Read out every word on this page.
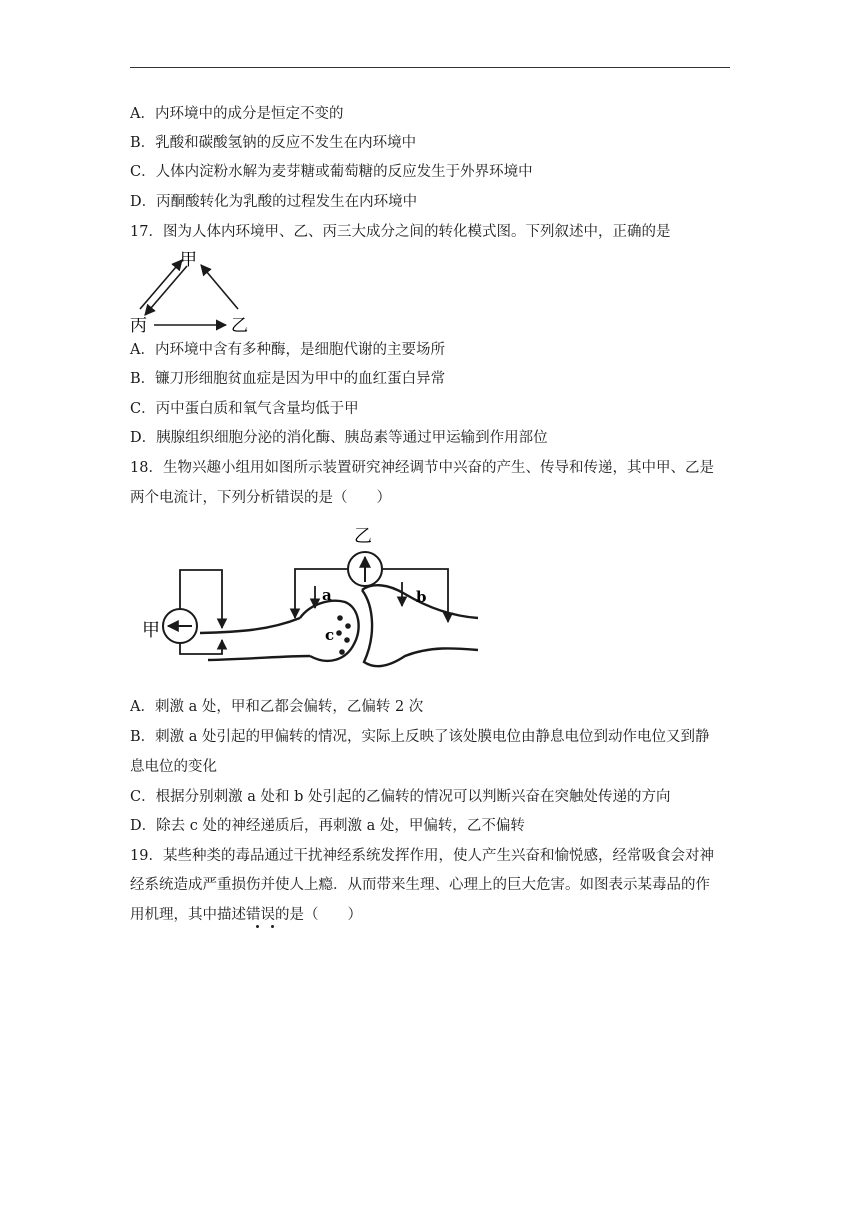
A．内环境中的成分是恒定不变的
B．乳酸和碳酸氢钠的反应不发生在内环境中
C．人体内淀粉水解为麦芽糖或葡萄糖的反应发生于外界环境中
D．丙酮酸转化为乳酸的过程发生在内环境中
17．图为人体内环境甲、乙、丙三大成分之间的转化模式图。下列叙述中，正确的是
甲
丙	乙
A．内环境中含有多种酶，是细胞代谢的主要场所
B．镰刀形细胞贫血症是因为甲中的血红蛋白异常
C．丙中蛋白质和氧气含量均低于甲
D．胰腺组织细胞分泌的消化酶、胰岛素等通过甲运输到作用部位
18．生物兴趣小组用如图所示装置研究神经调节中兴奋的产生、传导和传递，其中甲、乙是
两个电流计，下列分析错误的是（　　）
甲
乙
a	b
c
A．刺激 a 处，甲和乙都会偏转，乙偏转 2 次
B．刺激 a 处引起的甲偏转的情况，实际上反映了该处膜电位由静息电位到动作电位又到静
息电位的变化
C．根据分别刺激 a 处和 b 处引起的乙偏转的情况可以判断兴奋在突触处传递的方向
D．除去 c 处的神经递质后，再刺激 a 处，甲偏转，乙不偏转
19．某些种类的毒品通过干扰神经系统发挥作用，使人产生兴奋和愉悦感，经常吸食会对神
经系统造成严重损伤并使人上瘾．从而带来生理、心理上的巨大危害。如图表示某毒品的作
用机理，其中描述错误的是（　　）
